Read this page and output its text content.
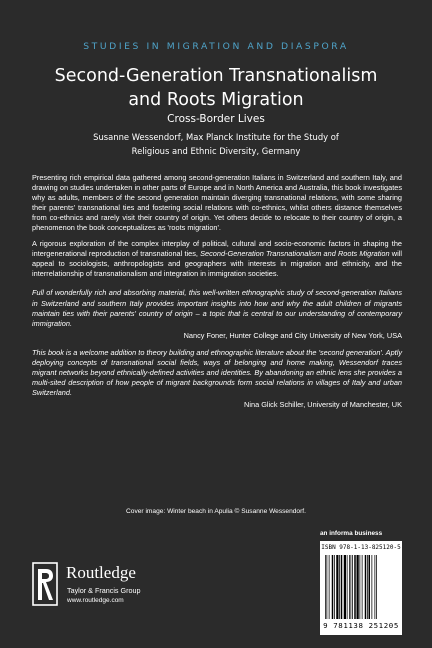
STUDIES IN MIGRATION AND DIASPORA
Second-Generation Transnationalism
and Roots Migration
Cross-Border Lives
Susanne Wessendorf, Max Planck Institute for the Study of
Religious and Ethnic Diversity, Germany

Presenting rich empirical data gathered among second-generation Italians in Switzerland and southern Italy, and drawing on studies undertaken in other parts of Europe and in North America and Australia, this book investigates why as adults, members of the second generation maintain diverging transnational relations, with some sharing their parents' transnational ties and fostering social relations with co-ethnics, whilst others distance themselves from co-ethnics and rarely visit their country of origin. Yet others decide to relocate to their country of origin, a phenomenon the book conceptualizes as 'roots migration'.

A rigorous exploration of the complex interplay of political, cultural and socio-economic factors in shaping the intergenerational reproduction of transnational ties, Second-Generation Transnationalism and Roots Migration will appeal to sociologists, anthropologists and geographers with interests in migration and ethnicity, and the interrelationship of transnationalism and integration in immigration societies.

Full of wonderfully rich and absorbing material, this well-written ethnographic study of second-generation Italians in Switzerland and southern Italy provides important insights into how and why the adult children of migrants maintain ties with their parents' country of origin – a topic that is central to our understanding of contemporary immigration.

Nancy Foner, Hunter College and City University of New York, USA

This book is a welcome addition to theory building and ethnographic literature about the 'second generation'. Aptly deploying concepts of transnational social fields, ways of belonging and home making, Wessendorf traces migrant networks beyond ethnically-defined activities and identities. By abandoning an ethnic lens she provides a multi-sited description of how people of migrant backgrounds form social relations in villages of Italy and urban Switzerland.

Nina Glick Schiller, University of Manchester, UK

Cover image: Winter beach in Apulia © Susanne Wessendorf.
Routledge
Taylor & Francis Group
www.routledge.com
an informa business
ISBN 978-1-13-825120-5
9 781138 251205
